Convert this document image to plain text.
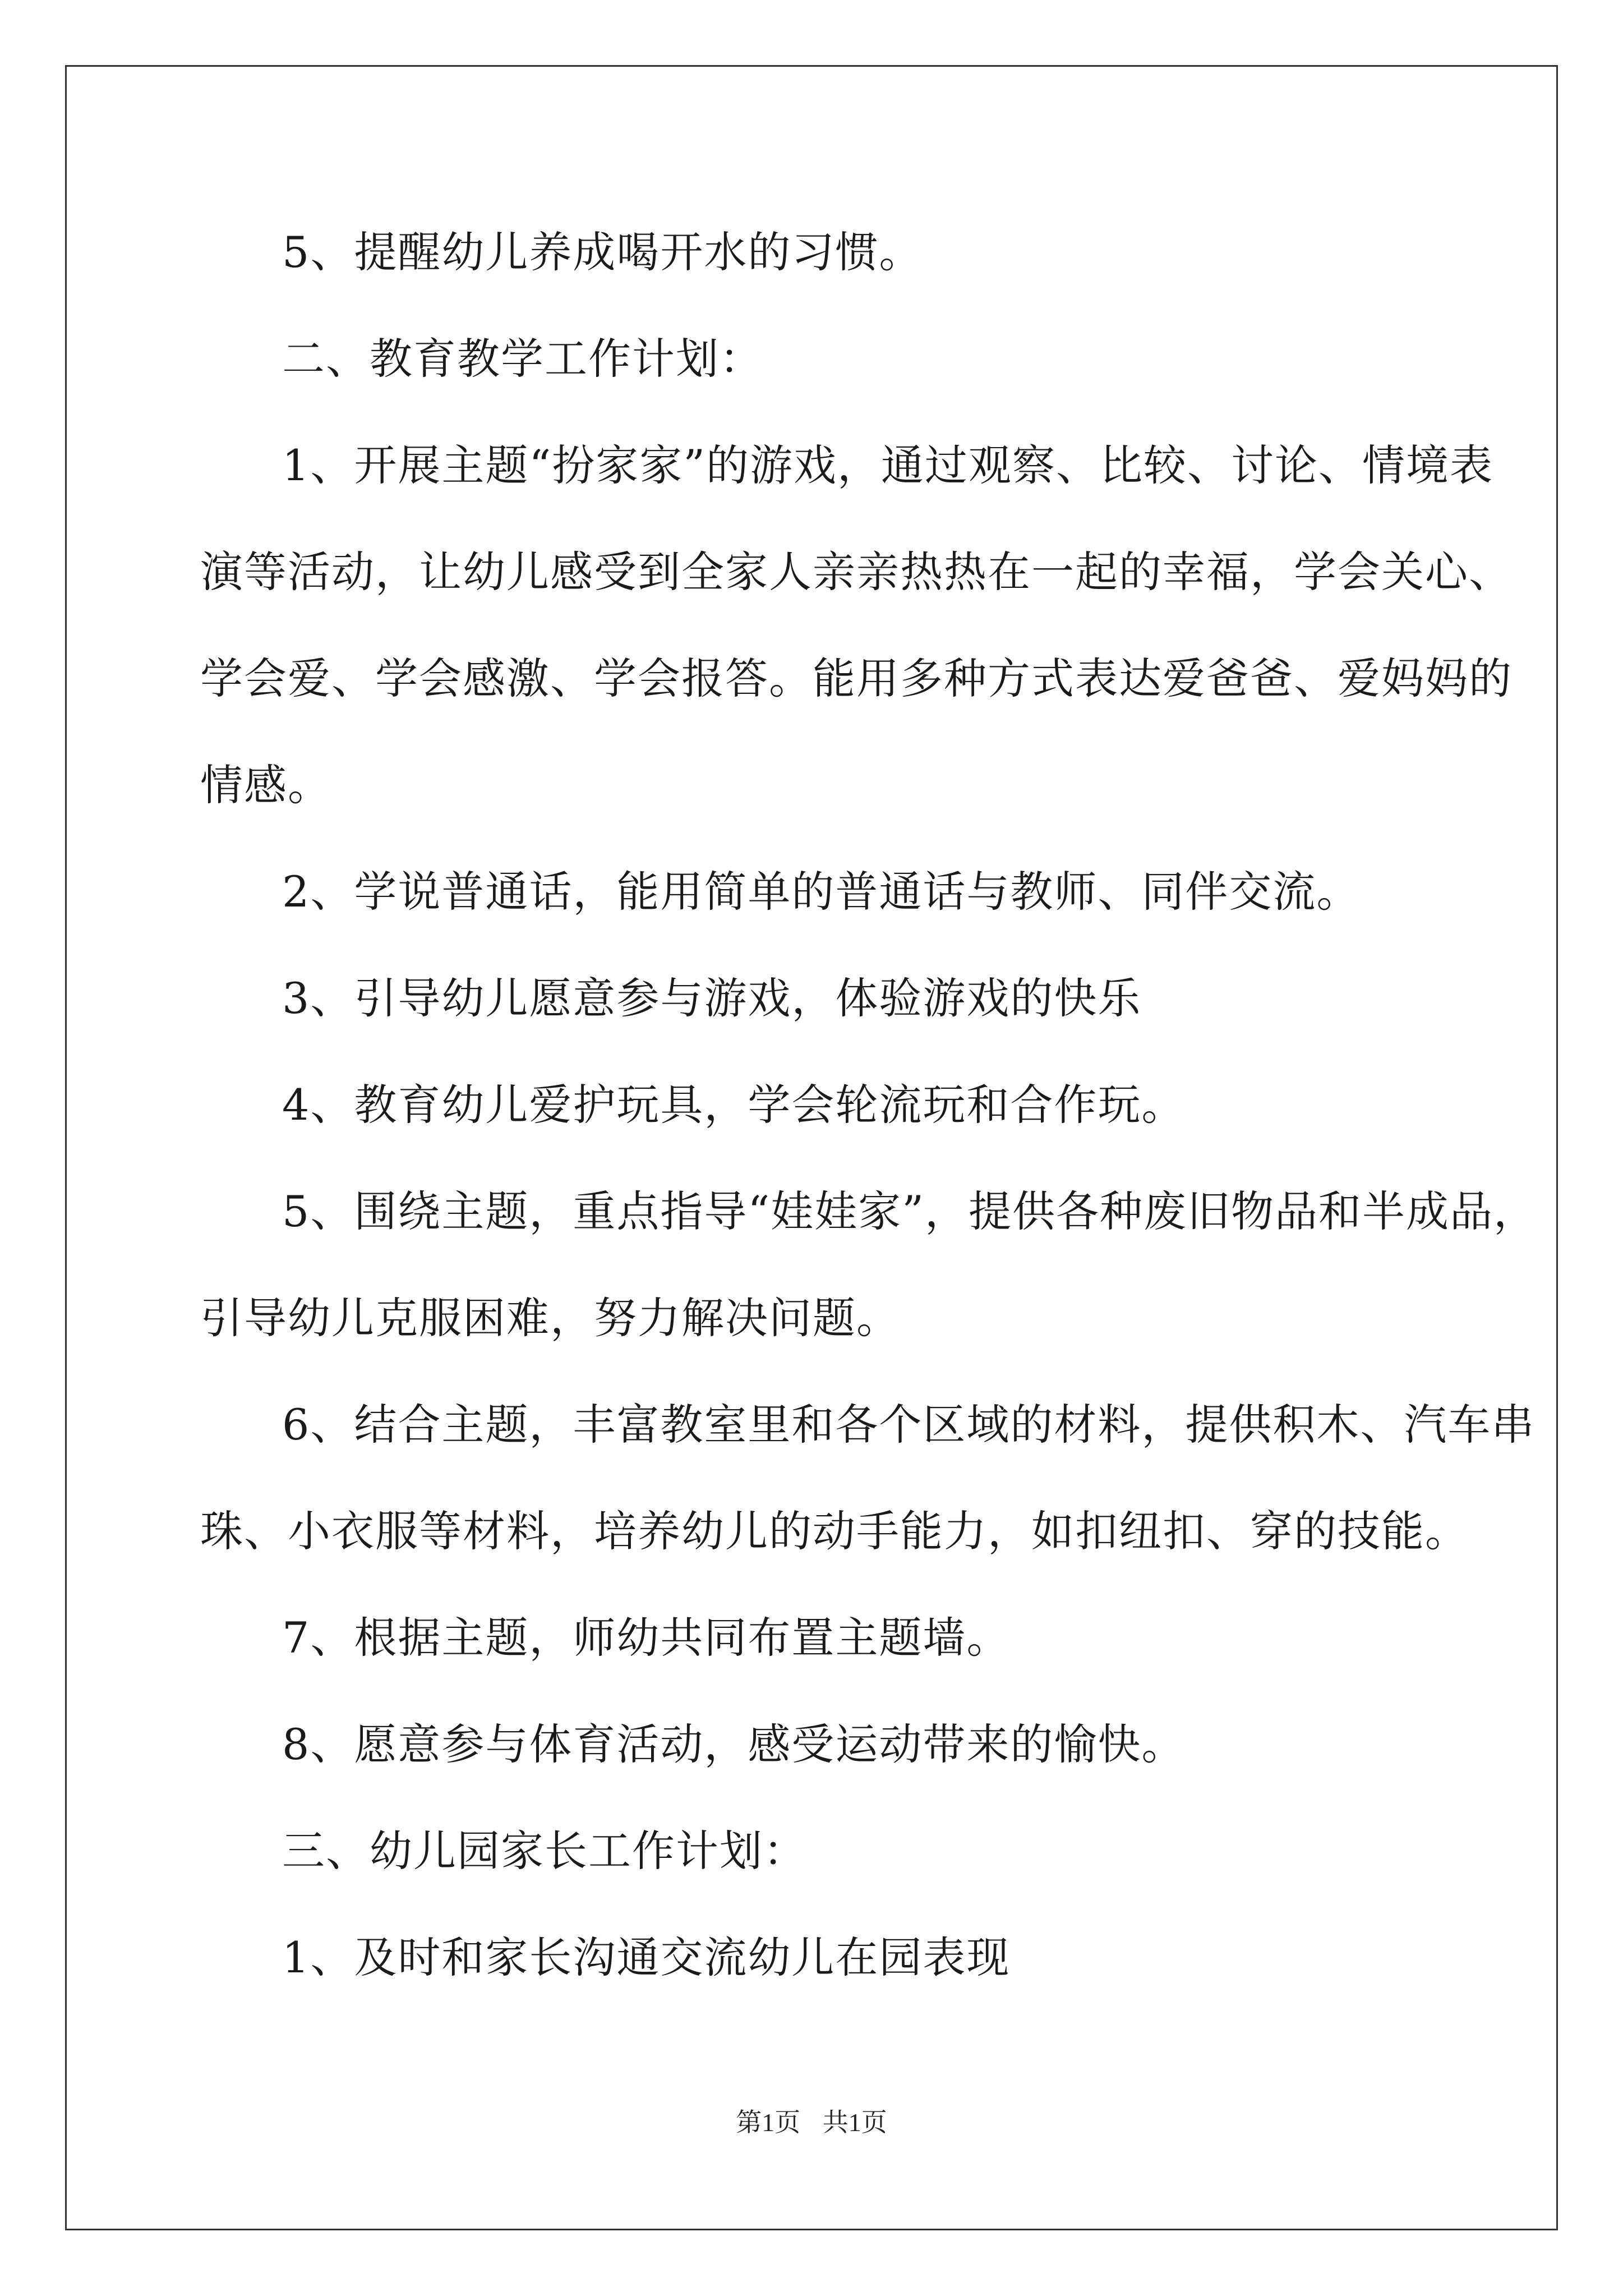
5、提醒幼儿养成喝开水的习惯。
二、教育教学工作计划：
1、开展主题“扮家家”的游戏，通过观察、比较、讨论、情境表
演等活动，让幼儿感受到全家人亲亲热热在一起的幸福，学会关心、
学会爱、学会感激、学会报答。能用多种方式表达爱爸爸、爱妈妈的
情感。
2、学说普通话，能用简单的普通话与教师、同伴交流。
3、引导幼儿愿意参与游戏，体验游戏的快乐
4、教育幼儿爱护玩具，学会轮流玩和合作玩。
5、围绕主题，重点指导“娃娃家”，提供各种废旧物品和半成品，
引导幼儿克服困难，努力解决问题。
6、结合主题，丰富教室里和各个区域的材料，提供积木、汽车串
珠、小衣服等材料，培养幼儿的动手能力，如扣纽扣、穿的技能。
7、根据主题，师幼共同布置主题墙。
8、愿意参与体育活动，感受运动带来的愉快。
三、幼儿园家长工作计划：
1、及时和家长沟通交流幼儿在园表现
第1页 共1页
